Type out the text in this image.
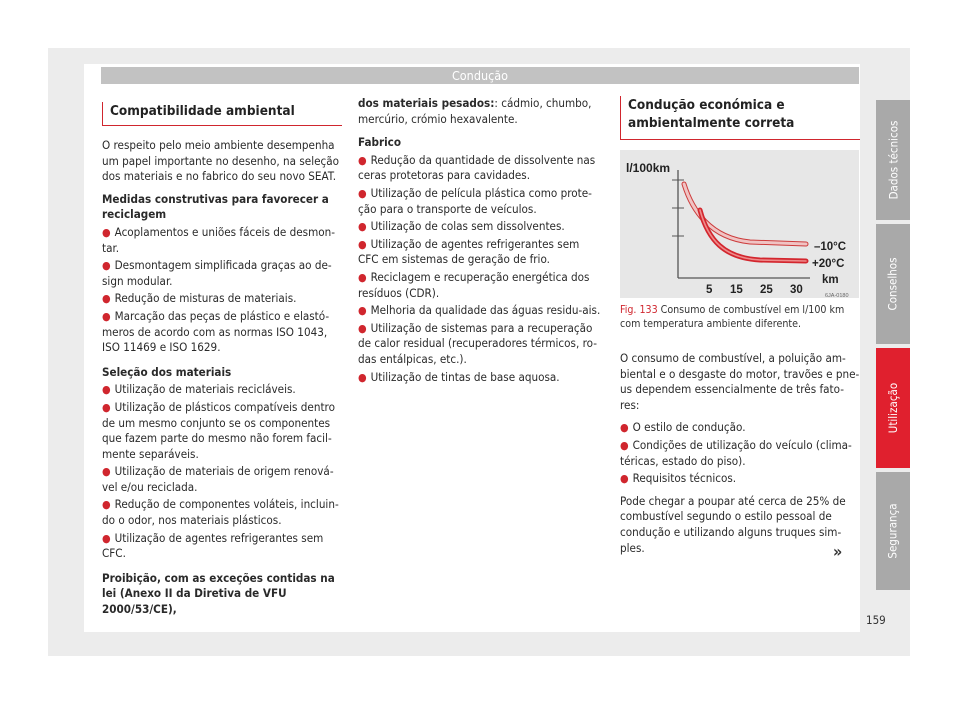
Condução
Compatibilidade ambiental

O respeito pelo meio ambiente desempenha um papel importante no desenho, na seleção dos materiais e no fabrico do seu novo SEAT.

Medidas construtivas para favorecer a reciclagem

● Acoplamentos e uniões fáceis de desmon-tar.
● Desmontagem simplificada graças ao de-sign modular.
● Redução de misturas de materiais.
● Marcação das peças de plástico e elastó-meros de acordo com as normas ISO 1043, ISO 11469 e ISO 1629.

Seleção dos materiais

● Utilização de materiais recicláveis.
● Utilização de plásticos compatíveis dentro de um mesmo conjunto se os componentes que fazem parte do mesmo não forem facil-mente separáveis.
● Utilização de materiais de origem renová-vel e/ou reciclada.
● Redução de componentes voláteis, incluin-do o odor, nos materiais plásticos.
● Utilização de agentes refrigerantes sem CFC.

Proibição, com as exceções contidas na lei (Anexo II da Diretiva de VFU 2000/53/CE),

dos materiais pesados:: cádmio, chumbo, mercúrio, crómio hexavalente.

Fabrico

● Redução da quantidade de dissolvente nas ceras protetoras para cavidades.
● Utilização de película plástica como prote-ção para o transporte de veículos.
● Utilização de colas sem dissolventes.
● Utilização de agentes refrigerantes sem CFC em sistemas de geração de frio.
● Reciclagem e recuperação energética dos resíduos (CDR).
● Melhoria da qualidade das águas residu-ais.
● Utilização de sistemas para a recuperação de calor residual (recuperadores térmicos, ro-das entálpicas, etc.).
● Utilização de tintas de base aquosa.
Condução económica e ambientalmente correta
l/100km
–10°C
+20°C
km
5 15 25 30	6JA-0180

Fig. 133 Consumo de combustível em l/100 km com temperatura ambiente diferente.

O consumo de combustível, a poluição am-biental e o desgaste do motor, travões e pne-us dependem essencialmente de três fato-res:

● O estilo de condução.
● Condições de utilização do veículo (clima-téricas, estado do piso).
● Requisitos técnicos.

Pode chegar a poupar até cerca de 25% de combustível segundo o estilo pessoal de condução e utilizando alguns truques sim-ples.

Dados técnicos
Conselhos
Utilização
Segurança
»
159
